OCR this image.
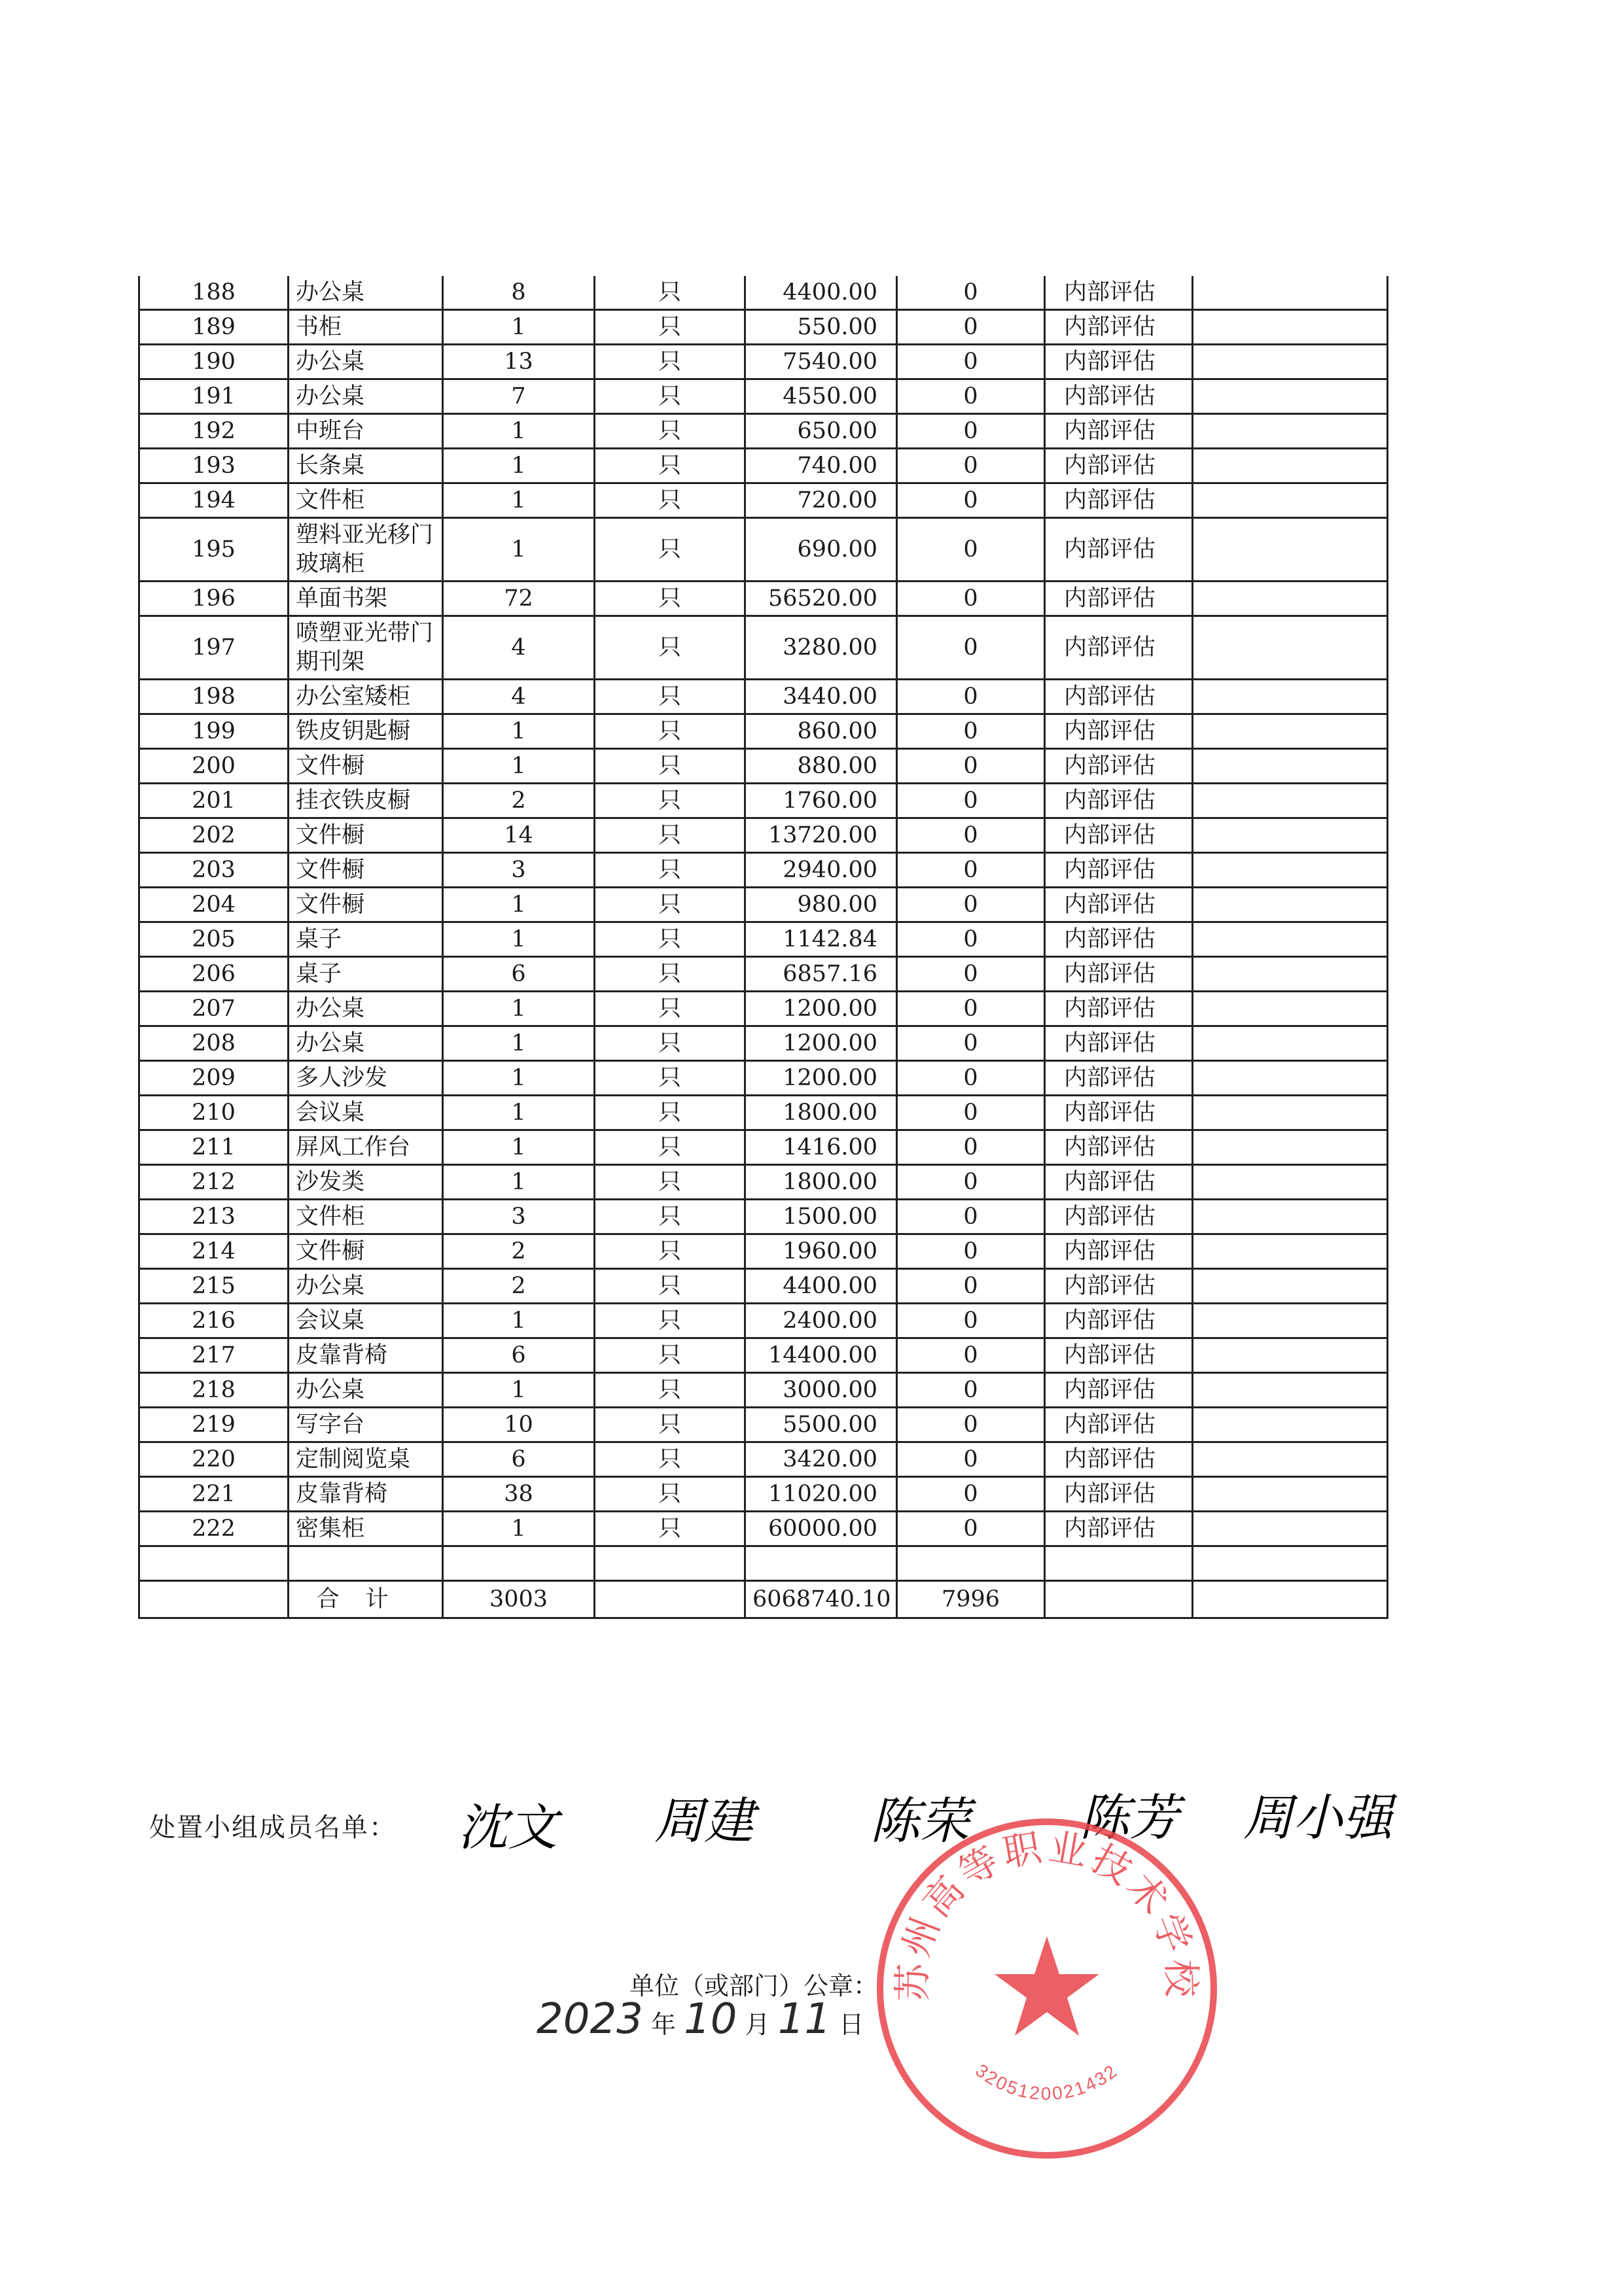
188	办公桌	8	只	4400.00	0	内部评估	
189	书柜	1	只	550.00	0	内部评估	
190	办公桌	13	只	7540.00	0	内部评估	
191	办公桌	7	只	4550.00	0	内部评估	
192	中班台	1	只	650.00	0	内部评估	
193	长条桌	1	只	740.00	0	内部评估	
194	文件柜	1	只	720.00	0	内部评估	
195	塑料亚光移门玻璃柜	1	只	690.00	0	内部评估	
196	单面书架	72	只	56520.00	0	内部评估	
197	喷塑亚光带门期刊架	4	只	3280.00	0	内部评估	
198	办公室矮柜	4	只	3440.00	0	内部评估	
199	铁皮钥匙橱	1	只	860.00	0	内部评估	
200	文件橱	1	只	880.00	0	内部评估	
201	挂衣铁皮橱	2	只	1760.00	0	内部评估	
202	文件橱	14	只	13720.00	0	内部评估	
203	文件橱	3	只	2940.00	0	内部评估	
204	文件橱	1	只	980.00	0	内部评估	
205	桌子	1	只	1142.84	0	内部评估	
206	桌子	6	只	6857.16	0	内部评估	
207	办公桌	1	只	1200.00	0	内部评估	
208	办公桌	1	只	1200.00	0	内部评估	
209	多人沙发	1	只	1200.00	0	内部评估	
210	会议桌	1	只	1800.00	0	内部评估	
211	屏风工作台	1	只	1416.00	0	内部评估	
212	沙发类	1	只	1800.00	0	内部评估	
213	文件柜	3	只	1500.00	0	内部评估	
214	文件橱	2	只	1960.00	0	内部评估	
215	办公桌	2	只	4400.00	0	内部评估	
216	会议桌	1	只	2400.00	0	内部评估	
217	皮靠背椅	6	只	14400.00	0	内部评估	
218	办公桌	1	只	3000.00	0	内部评估	
219	写字台	10	只	5500.00	0	内部评估	
220	定制阅览桌	6	只	3420.00	0	内部评估	
221	皮靠背椅	38	只	11020.00	0	内部评估	
222	密集柜	1	只	60000.00	0	内部评估	

	合计	3003		6068740.10	7996		
处置小组成员名单： 沈文 周建 陈荣 陈芳 周小强
苏州高等职业技术学校
3205120021432
单位（或部门）公章：
2023 年 10 月 11 日
